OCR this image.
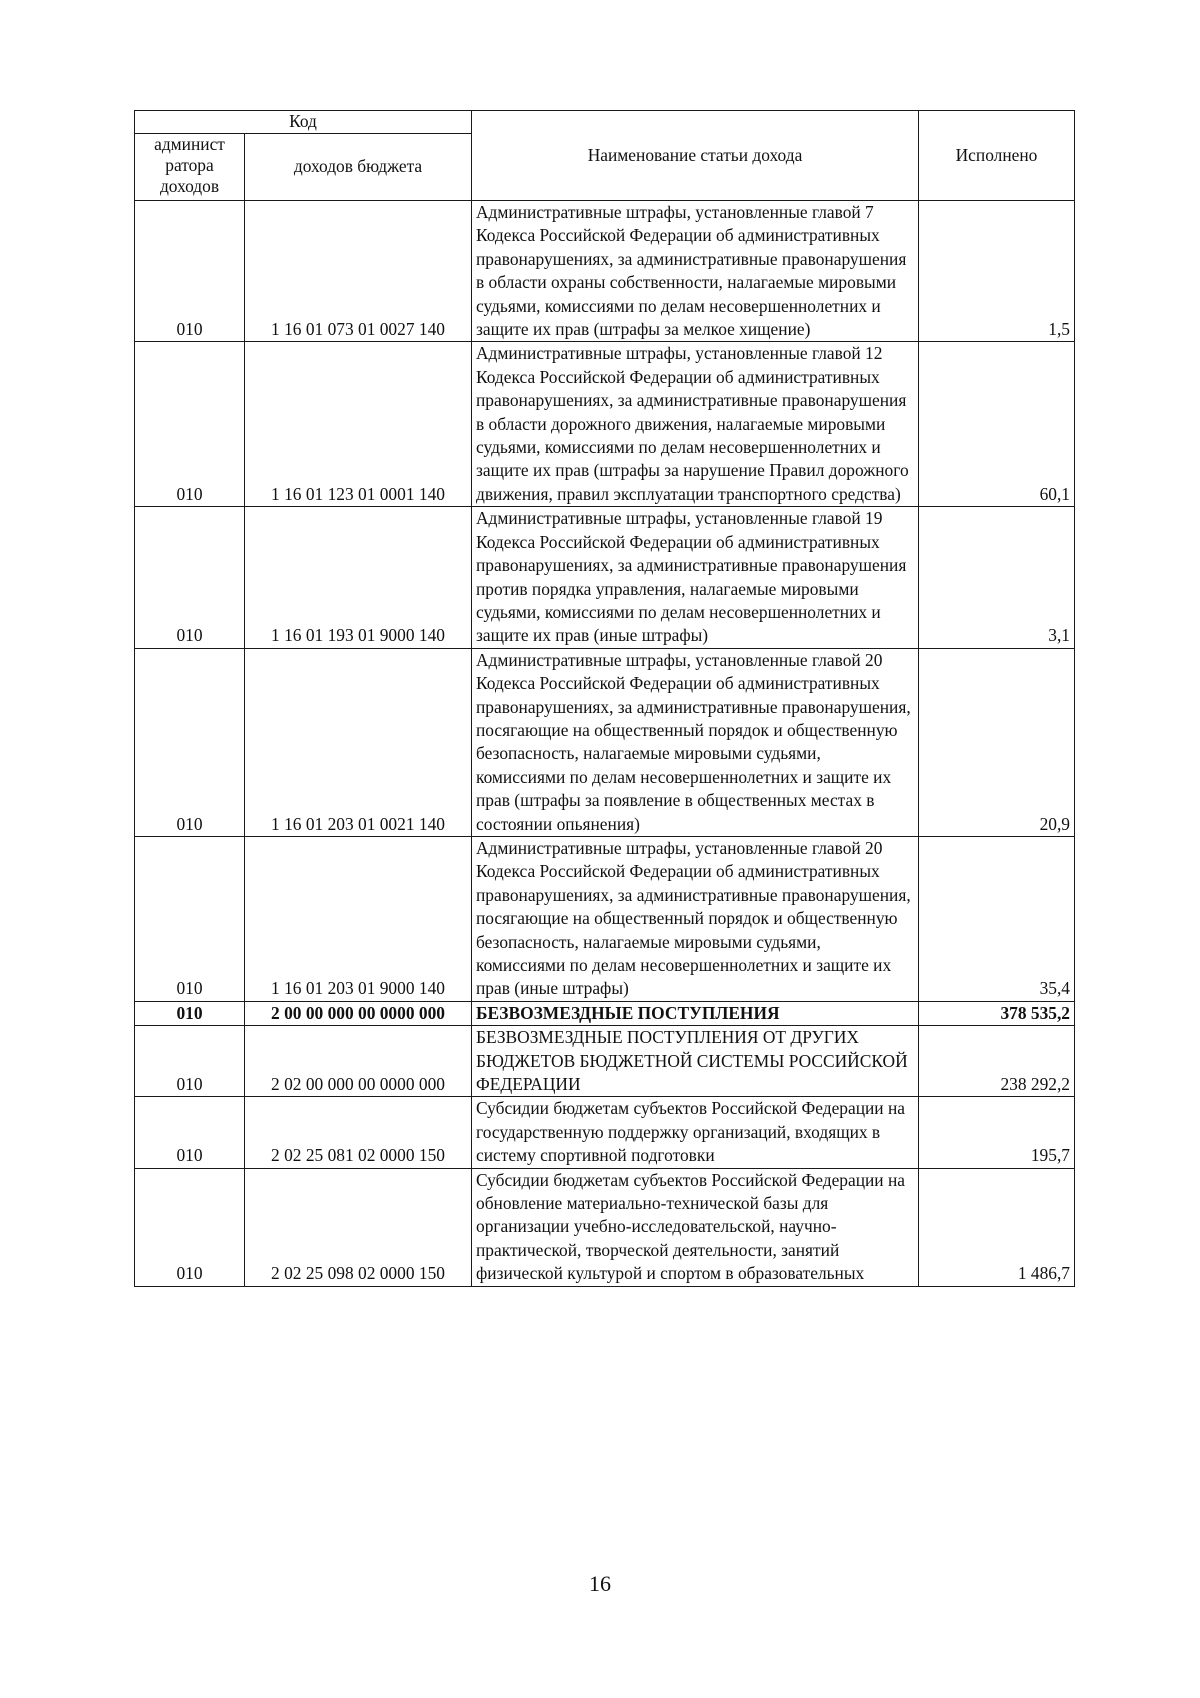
Код		Наименование статьи дохода	Исполнено
админист ратора доходов	доходов бюджета		
010	1 16 01 073 01 0027 140	Административные штрафы, установленные главой 7 Кодекса Российской Федерации об административных правонарушениях, за административные правонарушения в области охраны собственности, налагаемые мировыми судьями, комиссиями по делам несовершеннолетних и защите их прав (штрафы за мелкое хищение)	1,5
010	1 16 01 123 01 0001 140	Административные штрафы, установленные главой 12 Кодекса Российской Федерации об административных правонарушениях, за административные правонарушения в области дорожного движения, налагаемые мировыми судьями, комиссиями по делам несовершеннолетних и защите их прав (штрафы за нарушение Правил дорожного движения, правил эксплуатации транспортного средства)	60,1
010	1 16 01 193 01 9000 140	Административные штрафы, установленные главой 19 Кодекса Российской Федерации об административных правонарушениях, за административные правонарушения против порядка управления, налагаемые мировыми судьями, комиссиями по делам несовершеннолетних и защите их прав (иные штрафы)	3,1
010	1 16 01 203 01 0021 140	Административные штрафы, установленные главой 20 Кодекса Российской Федерации об административных правонарушениях, за административные правонарушения, посягающие на общественный порядок и общественную безопасность, налагаемые мировыми судьями, комиссиями по делам несовершеннолетних и защите их прав (штрафы за появление в общественных местах в состоянии опьянения)	20,9
010	1 16 01 203 01 9000 140	Административные штрафы, установленные главой 20 Кодекса Российской Федерации об административных правонарушениях, за административные правонарушения, посягающие на общественный порядок и общественную безопасность, налагаемые мировыми судьями, комиссиями по делам несовершеннолетних и защите их прав (иные штрафы)	35,4
010	2 00 00 000 00 0000 000	БЕЗВОЗМЕЗДНЫЕ ПОСТУПЛЕНИЯ	378 535,2
010	2 02 00 000 00 0000 000	БЕЗВОЗМЕЗДНЫЕ ПОСТУПЛЕНИЯ ОТ ДРУГИХ БЮДЖЕТОВ БЮДЖЕТНОЙ СИСТЕМЫ РОССИЙСКОЙ ФЕДЕРАЦИИ	238 292,2
010	2 02 25 081 02 0000 150	Субсидии бюджетам субъектов Российской Федерации на государственную поддержку организаций, входящих в систему спортивной подготовки	195,7
010	2 02 25 098 02 0000 150	Субсидии бюджетам субъектов Российской Федерации на обновление материально-технической базы для организации учебно-исследовательской, научно-практической, творческой деятельности, занятий физической культурой и спортом в образовательных	1 486,7
16
